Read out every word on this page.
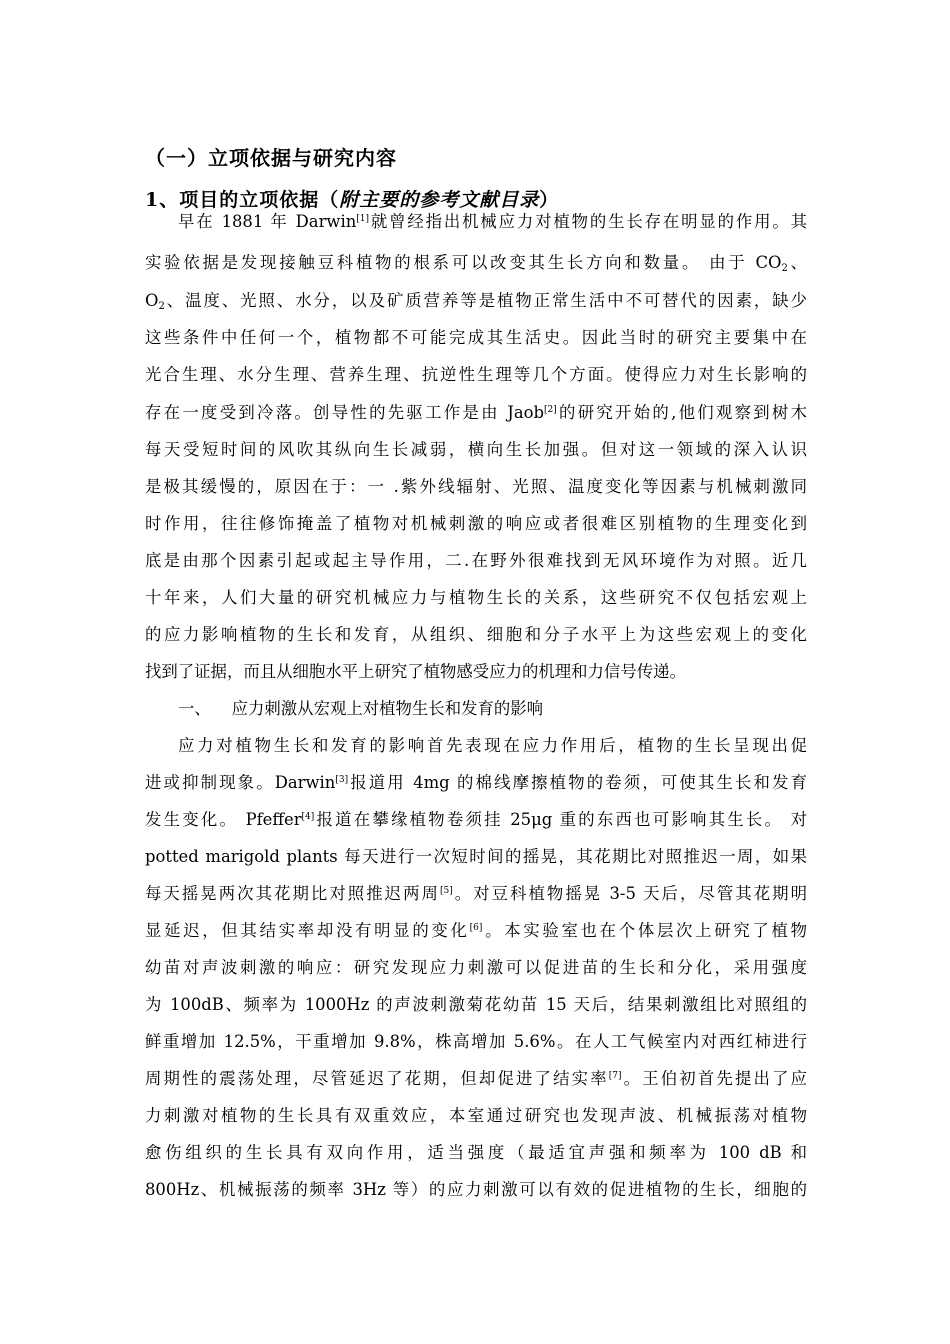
（一）立项依据与研究内容
1、项目的立项依据（附主要的参考文献目录）
早在 1881 年 Darwin[1]就曾经指出机械应力对植物的生长存在明显的作用。其
实验依据是发现接触豆科植物的根系可以改变其生长方向和数量。 由于 $CO_2$、
$O_2$、温度、光照、水分，以及矿质营养等是植物正常生活中不可替代的因素，缺少
这些条件中任何一个，植物都不可能完成其生活史。因此当时的研究主要集中在
光合生理、水分生理、营养生理、抗逆性生理等几个方面。使得应力对生长影响的
存在一度受到冷落。创导性的先驱工作是由 Jaob[2]的研究开始的,他们观察到树木
每天受短时间的风吹其纵向生长减弱，横向生长加强。但对这一领域的深入认识
是极其缓慢的，原因在于：一 .紫外线辐射、光照、温度变化等因素与机械刺激同
时作用，往往修饰掩盖了植物对机械刺激的响应或者很难区别植物的生理变化到
底是由那个因素引起或起主导作用，二.在野外很难找到无风环境作为对照。近几
十年来，人们大量的研究机械应力与植物生长的关系，这些研究不仅包括宏观上
的应力影响植物的生长和发育，从组织、细胞和分子水平上为这些宏观上的变化
找到了证据，而且从细胞水平上研究了植物感受应力的机理和力信号传递。
一、    应力刺激从宏观上对植物生长和发育的影响
应力对植物生长和发育的影响首先表现在应力作用后，植物的生长呈现出促
进或抑制现象。Darwin[3]报道用 4mg 的棉线摩擦植物的卷须，可使其生长和发育
发生变化。 Pfeffer[4]报道在攀缘植物卷须挂 25μg 重的东西也可影响其生长。 对
potted marigold plants 每天进行一次短时间的摇晃，其花期比对照推迟一周，如果
每天摇晃两次其花期比对照推迟两周[5]。对豆科植物摇晃 3-5 天后，尽管其花期明
显延迟，但其结实率却没有明显的变化[6]。本实验室也在个体层次上研究了植物
幼苗对声波刺激的响应：研究发现应力刺激可以促进苗的生长和分化，采用强度
为 100dB、频率为 1000Hz 的声波刺激菊花幼苗 15 天后，结果刺激组比对照组的
鲜重增加 12.5%，干重增加 9.8%，株高增加 5.6%。在人工气候室内对西红柿进行
周期性的震荡处理，尽管延迟了花期，但却促进了结实率[7]。王伯初首先提出了应
力刺激对植物的生长具有双重效应，本室通过研究也发现声波、机械振荡对植物
愈伤组织的生长具有双向作用，适当强度（最适宜声强和频率为 100 dB 和
800Hz、机械振荡的频率 3Hz 等）的应力刺激可以有效的促进植物的生长，细胞的
